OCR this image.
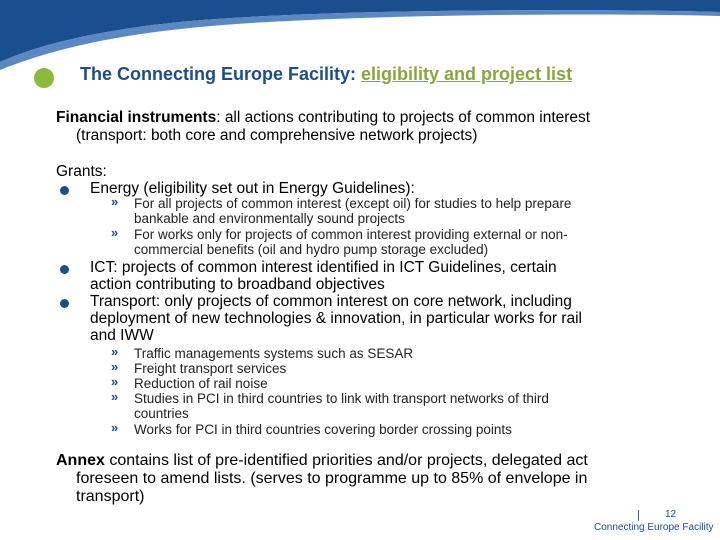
The Connecting Europe Facility: eligibility and project list
Financial instruments: all actions contributing to projects of common interest
(transport: both core and comprehensive network projects)
Grants:
Energy (eligibility set out in Energy Guidelines):
» For all projects of common interest (except oil) for studies to help prepare
bankable and environmentally sound projects
» For works only for projects of common interest providing external or non-
commercial benefits (oil and hydro pump storage excluded)
ICT: projects of common interest identified in ICT Guidelines, certain
action contributing to broadband objectives
Transport: only projects of common interest on core network, including
deployment of new technologies & innovation, in particular works for rail
and IWW
» Traffic managements systems such as SESAR
» Freight transport services
» Reduction of rail noise
» Studies in PCI in third countries to link with transport networks of third
countries
» Works for PCI in third countries covering border crossing points
Annex contains list of pre-identified priorities and/or projects, delegated act
foreseen to amend lists. (serves to programme up to 85% of envelope in
transport)
|	12
Connecting Europe Facility
